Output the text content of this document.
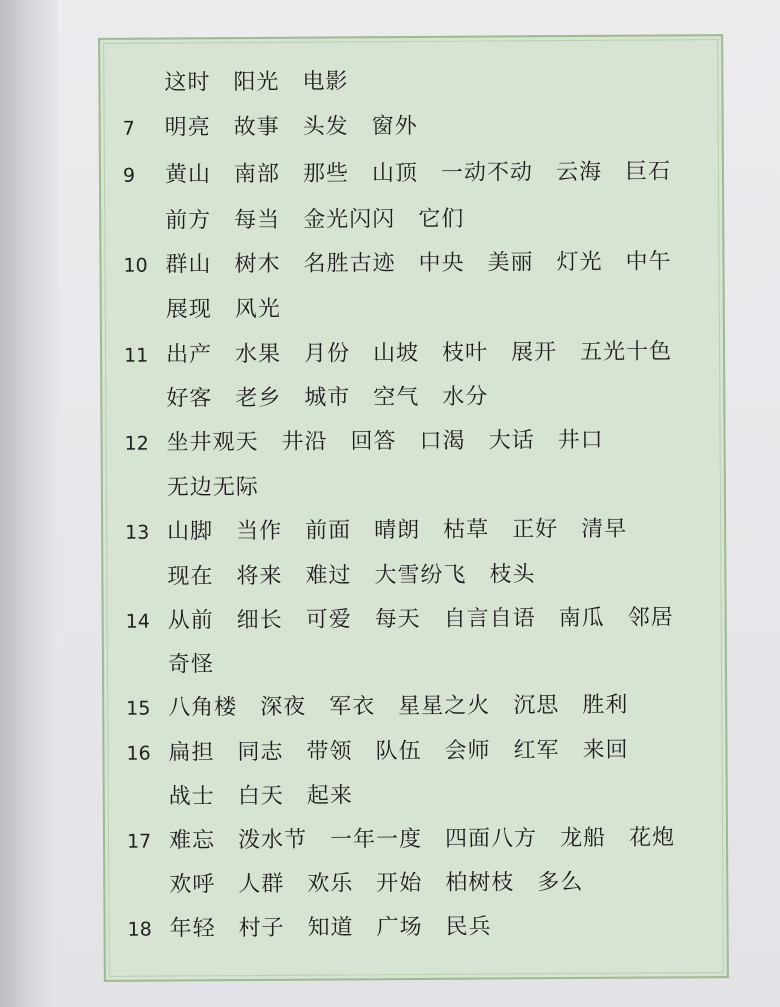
这时 阳光 电影
7	明亮 故事 头发 窗外
9	黄山 南部 那些 山顶 一动不动 云海 巨石
前方 每当 金光闪闪 它们
10 群山 树木 名胜古迹 中央 美丽 灯光 中午
展现 风光
11 出产 水果 月份 山坡 枝叶 展开 五光十色
好客 老乡 城市 空气 水分
12 坐井观天 井沿 回答 口渴 大话 井口
无边无际
13 山脚 当作 前面 晴朗 枯草 正好 清早
现在 将来 难过 大雪纷飞 枝头
14 从前 细长 可爱 每天 自言自语 南瓜 邻居
奇怪
15 八角楼 深夜 军衣 星星之火 沉思 胜利
16 扁担 同志 带领 队伍 会师 红军 来回
战士 白天 起来
17 难忘 泼水节 一年一度 四面八方 龙船 花炮
欢呼 人群 欢乐 开始 柏树枝 多么
18 年轻 村子 知道 广场 民兵
